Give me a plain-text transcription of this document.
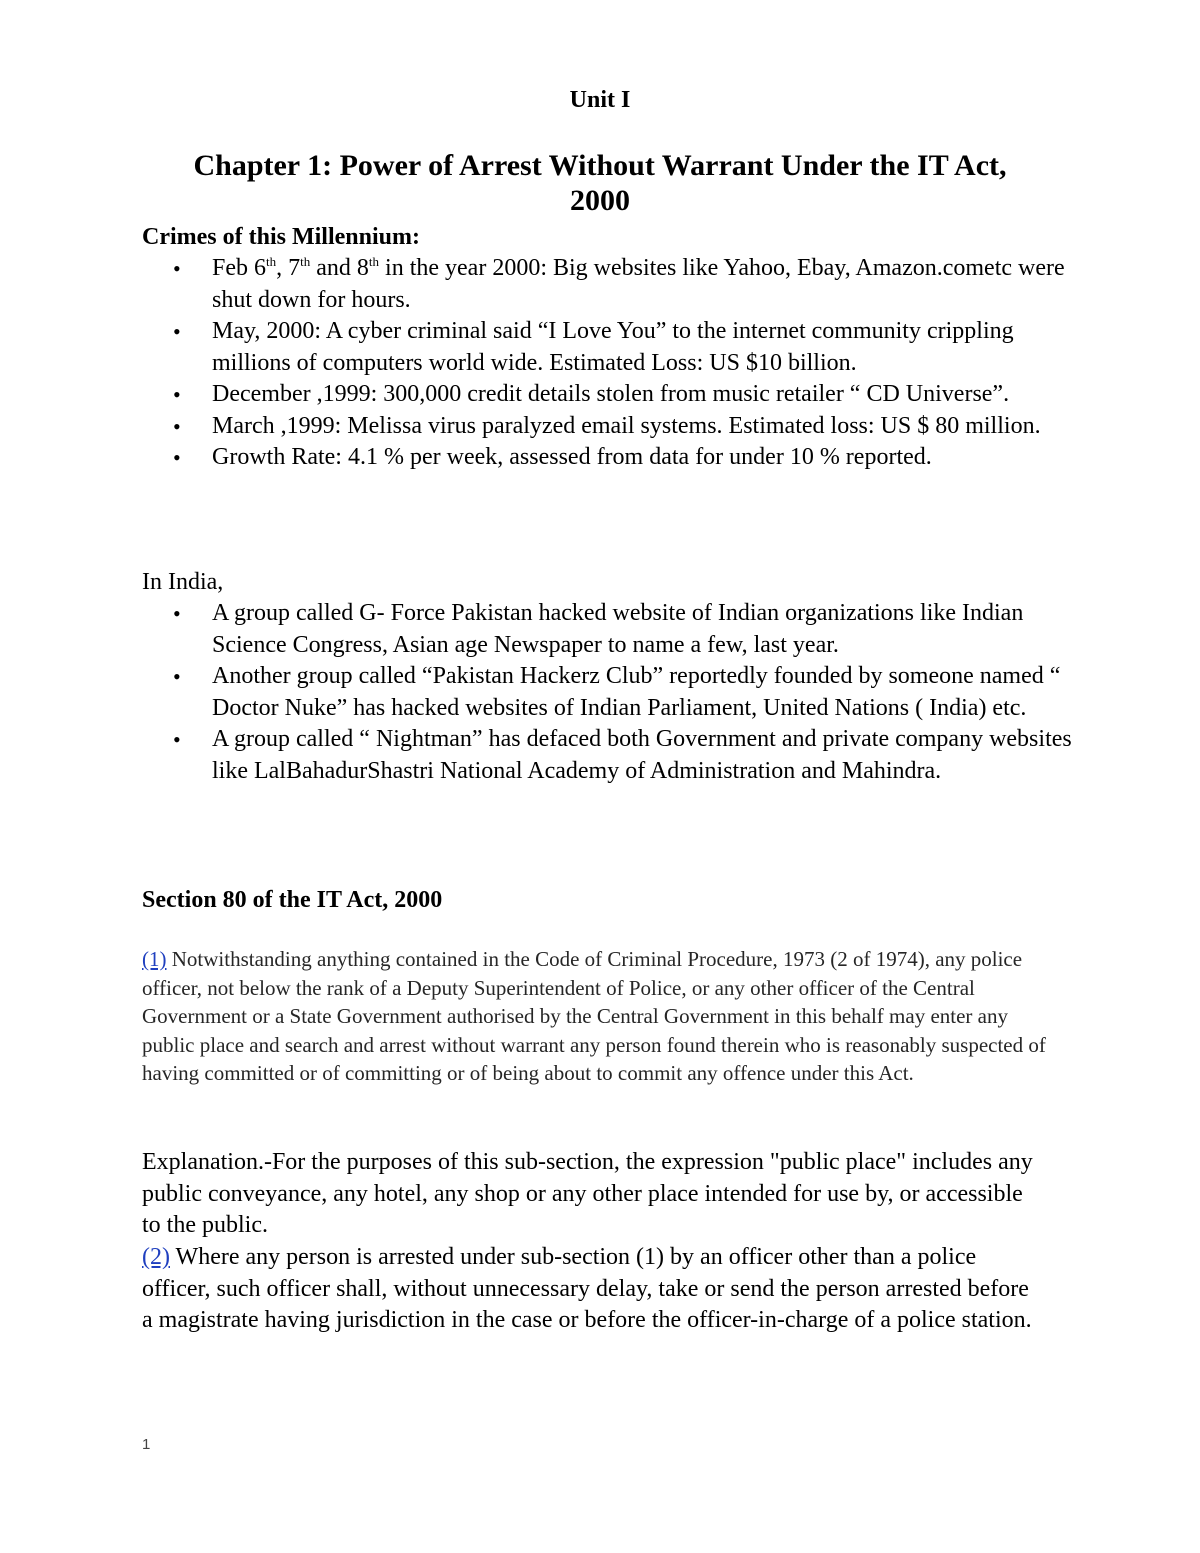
Unit I
Chapter 1: Power of Arrest Without Warrant Under the IT Act,
2000
Crimes of this Millennium:
• Feb 6th, 7th and 8th in the year 2000: Big websites like Yahoo, Ebay, Amazon.cometc were shut down for hours.
• May, 2000: A cyber criminal said “I Love You” to the internet community crippling millions of computers world wide. Estimated Loss: US $10 billion.
• December ,1999: 300,000 credit details stolen from music retailer “ CD Universe”.
• March ,1999: Melissa virus paralyzed email systems. Estimated loss: US $ 80 million.
• Growth Rate: 4.1 % per week, assessed from data for under 10 % reported.
In India,
• A group called G- Force Pakistan hacked website of Indian organizations like Indian Science Congress, Asian age Newspaper to name a few, last year.
• Another group called “Pakistan Hackerz Club” reportedly founded by someone named “ Doctor Nuke” has hacked websites of Indian Parliament, United Nations ( India) etc.
• A group called “ Nightman” has defaced both Government and private company websites like LalBahadurShastri National Academy of Administration and Mahindra.
Section 80 of the IT Act, 2000
(1) Notwithstanding anything contained in the Code of Criminal Procedure, 1973 (2 of 1974), any police officer, not below the rank of a Deputy Superintendent of Police, or any other officer of the Central Government or a State Government authorised by the Central Government in this behalf may enter any public place and search and arrest without warrant any person found therein who is reasonably suspected of having committed or of committing or of being about to commit any offence under this Act.
Explanation.-For the purposes of this sub-section, the expression "public place" includes any public conveyance, any hotel, any shop or any other place intended for use by, or accessible to the public.
(2) Where any person is arrested under sub-section (1) by an officer other than a police officer, such officer shall, without unnecessary delay, take or send the person arrested before a magistrate having jurisdiction in the case or before the officer-in-charge of a police station.
1
